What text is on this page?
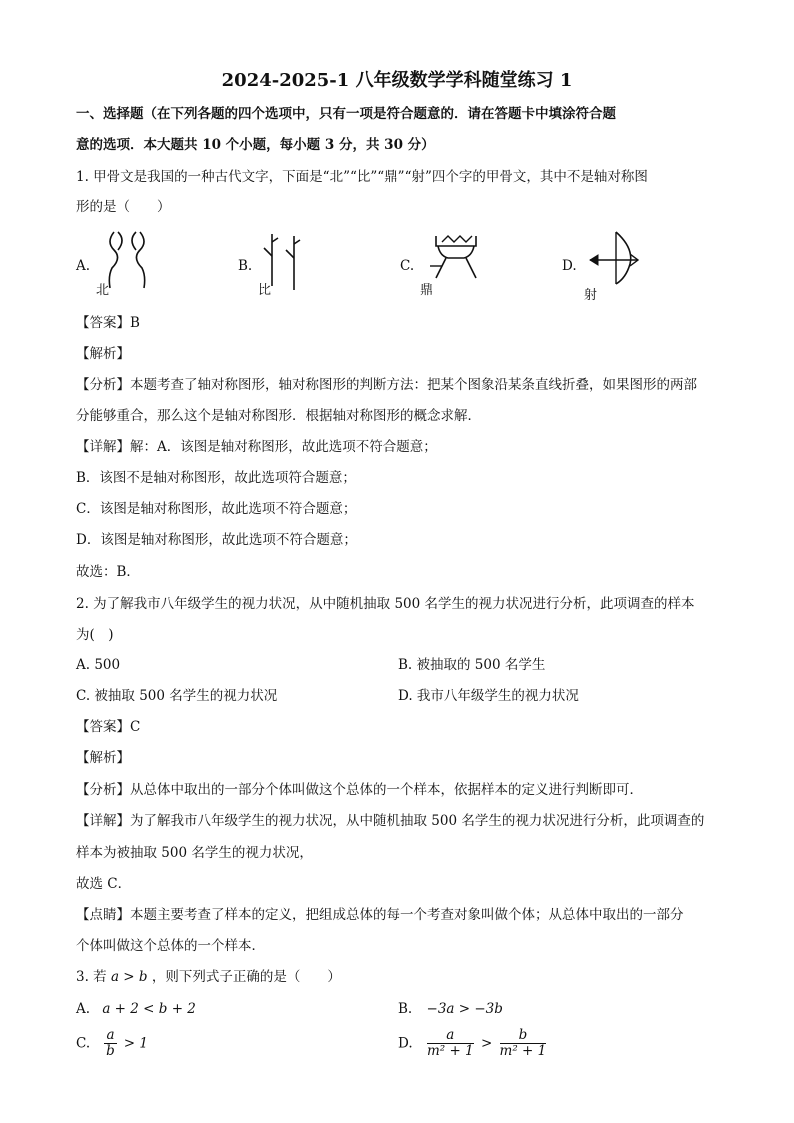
2024-2025-1 八年级数学学科随堂练习 1
一、选择题（在下列各题的四个选项中，只有一项是符合题意的．请在答题卡中填涂符合题
意的选项．本大题共 10 个小题，每小题 3 分，共 30 分）
1. 甲骨文是我国的一种古代文字，下面是“北”“比”“鼎”“射”四个字的甲骨文，其中不是轴对称图
形的是（　　）
A.
北
B.
比
C.
鼎
D.
射
【答案】B
【解析】
【分析】本题考查了轴对称图形，轴对称图形的判断方法：把某个图象沿某条直线折叠，如果图形的两部
分能够重合，那么这个是轴对称图形．根据轴对称图形的概念求解．
【详解】解：A．该图是轴对称图形，故此选项不符合题意；
B．该图不是轴对称图形，故此选项符合题意；
C．该图是轴对称图形，故此选项不符合题意；
D．该图是轴对称图形，故此选项不符合题意；
故选：B．
2. 为了解我市八年级学生的视力状况，从中随机抽取 500 名学生的视力状况进行分析，此项调查的样本
为(　)
A. 500	B. 被抽取的 500 名学生
C. 被抽取 500 名学生的视力状况	D. 我市八年级学生的视力状况
【答案】C
【解析】
【分析】从总体中取出的一部分个体叫做这个总体的一个样本，依据样本的定义进行判断即可．
【详解】为了解我市八年级学生的视力状况，从中随机抽取 500 名学生的视力状况进行分析，此项调查的
样本为被抽取 500 名学生的视力状况，
故选 C．
【点睛】本题主要考查了样本的定义，把组成总体的每一个考查对象叫做个体；从总体中取出的一部分
个体叫做这个总体的一个样本．
3. 若 a > b ，则下列式子正确的是（　　）
A. a + 2 < b + 2	B. −3a > −3b
C. $\frac{a}{b} > 1$	D. $\frac{a}{\text{m² + 1}} > \frac{b}{\text{m² + 1}}$
